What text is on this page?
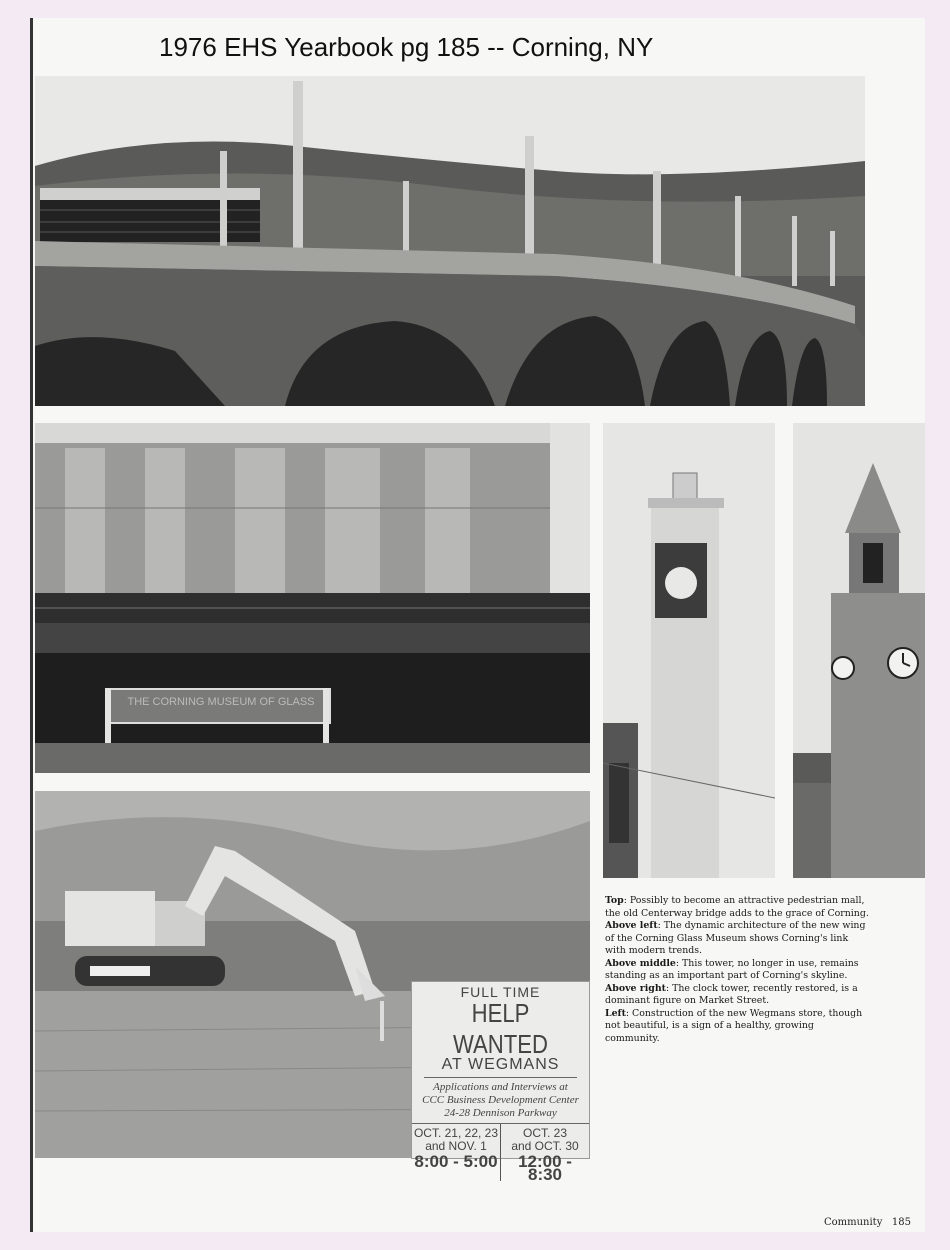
1976 EHS Yearbook pg 185 -- Corning, NY
THE CORNING MUSEUM OF GLASS
FULL TIME
HELP WANTED
AT WEGMANS
Applications and Interviews at
CCC Business Development Center
24-28 Dennison Parkway
OCT. 21, 22, 23
and NOV. 1
8:00 - 5:00
OCT. 23
and OCT. 30
12:00 - 8:30
Top: Possibly to become an attractive pedestrian mall, the old Centerway bridge adds to the grace of Corning.
Above left: The dynamic architecture of the new wing of the Corning Glass Museum shows Corning's link with modern trends.
Above middle: This tower, no longer in use, remains standing as an important part of Corning's skyline.
Above right: The clock tower, recently restored, is a dominant figure on Market Street.
Left: Construction of the new Wegmans store, though not beautiful, is a sign of a healthy, growing community.
Community 185
